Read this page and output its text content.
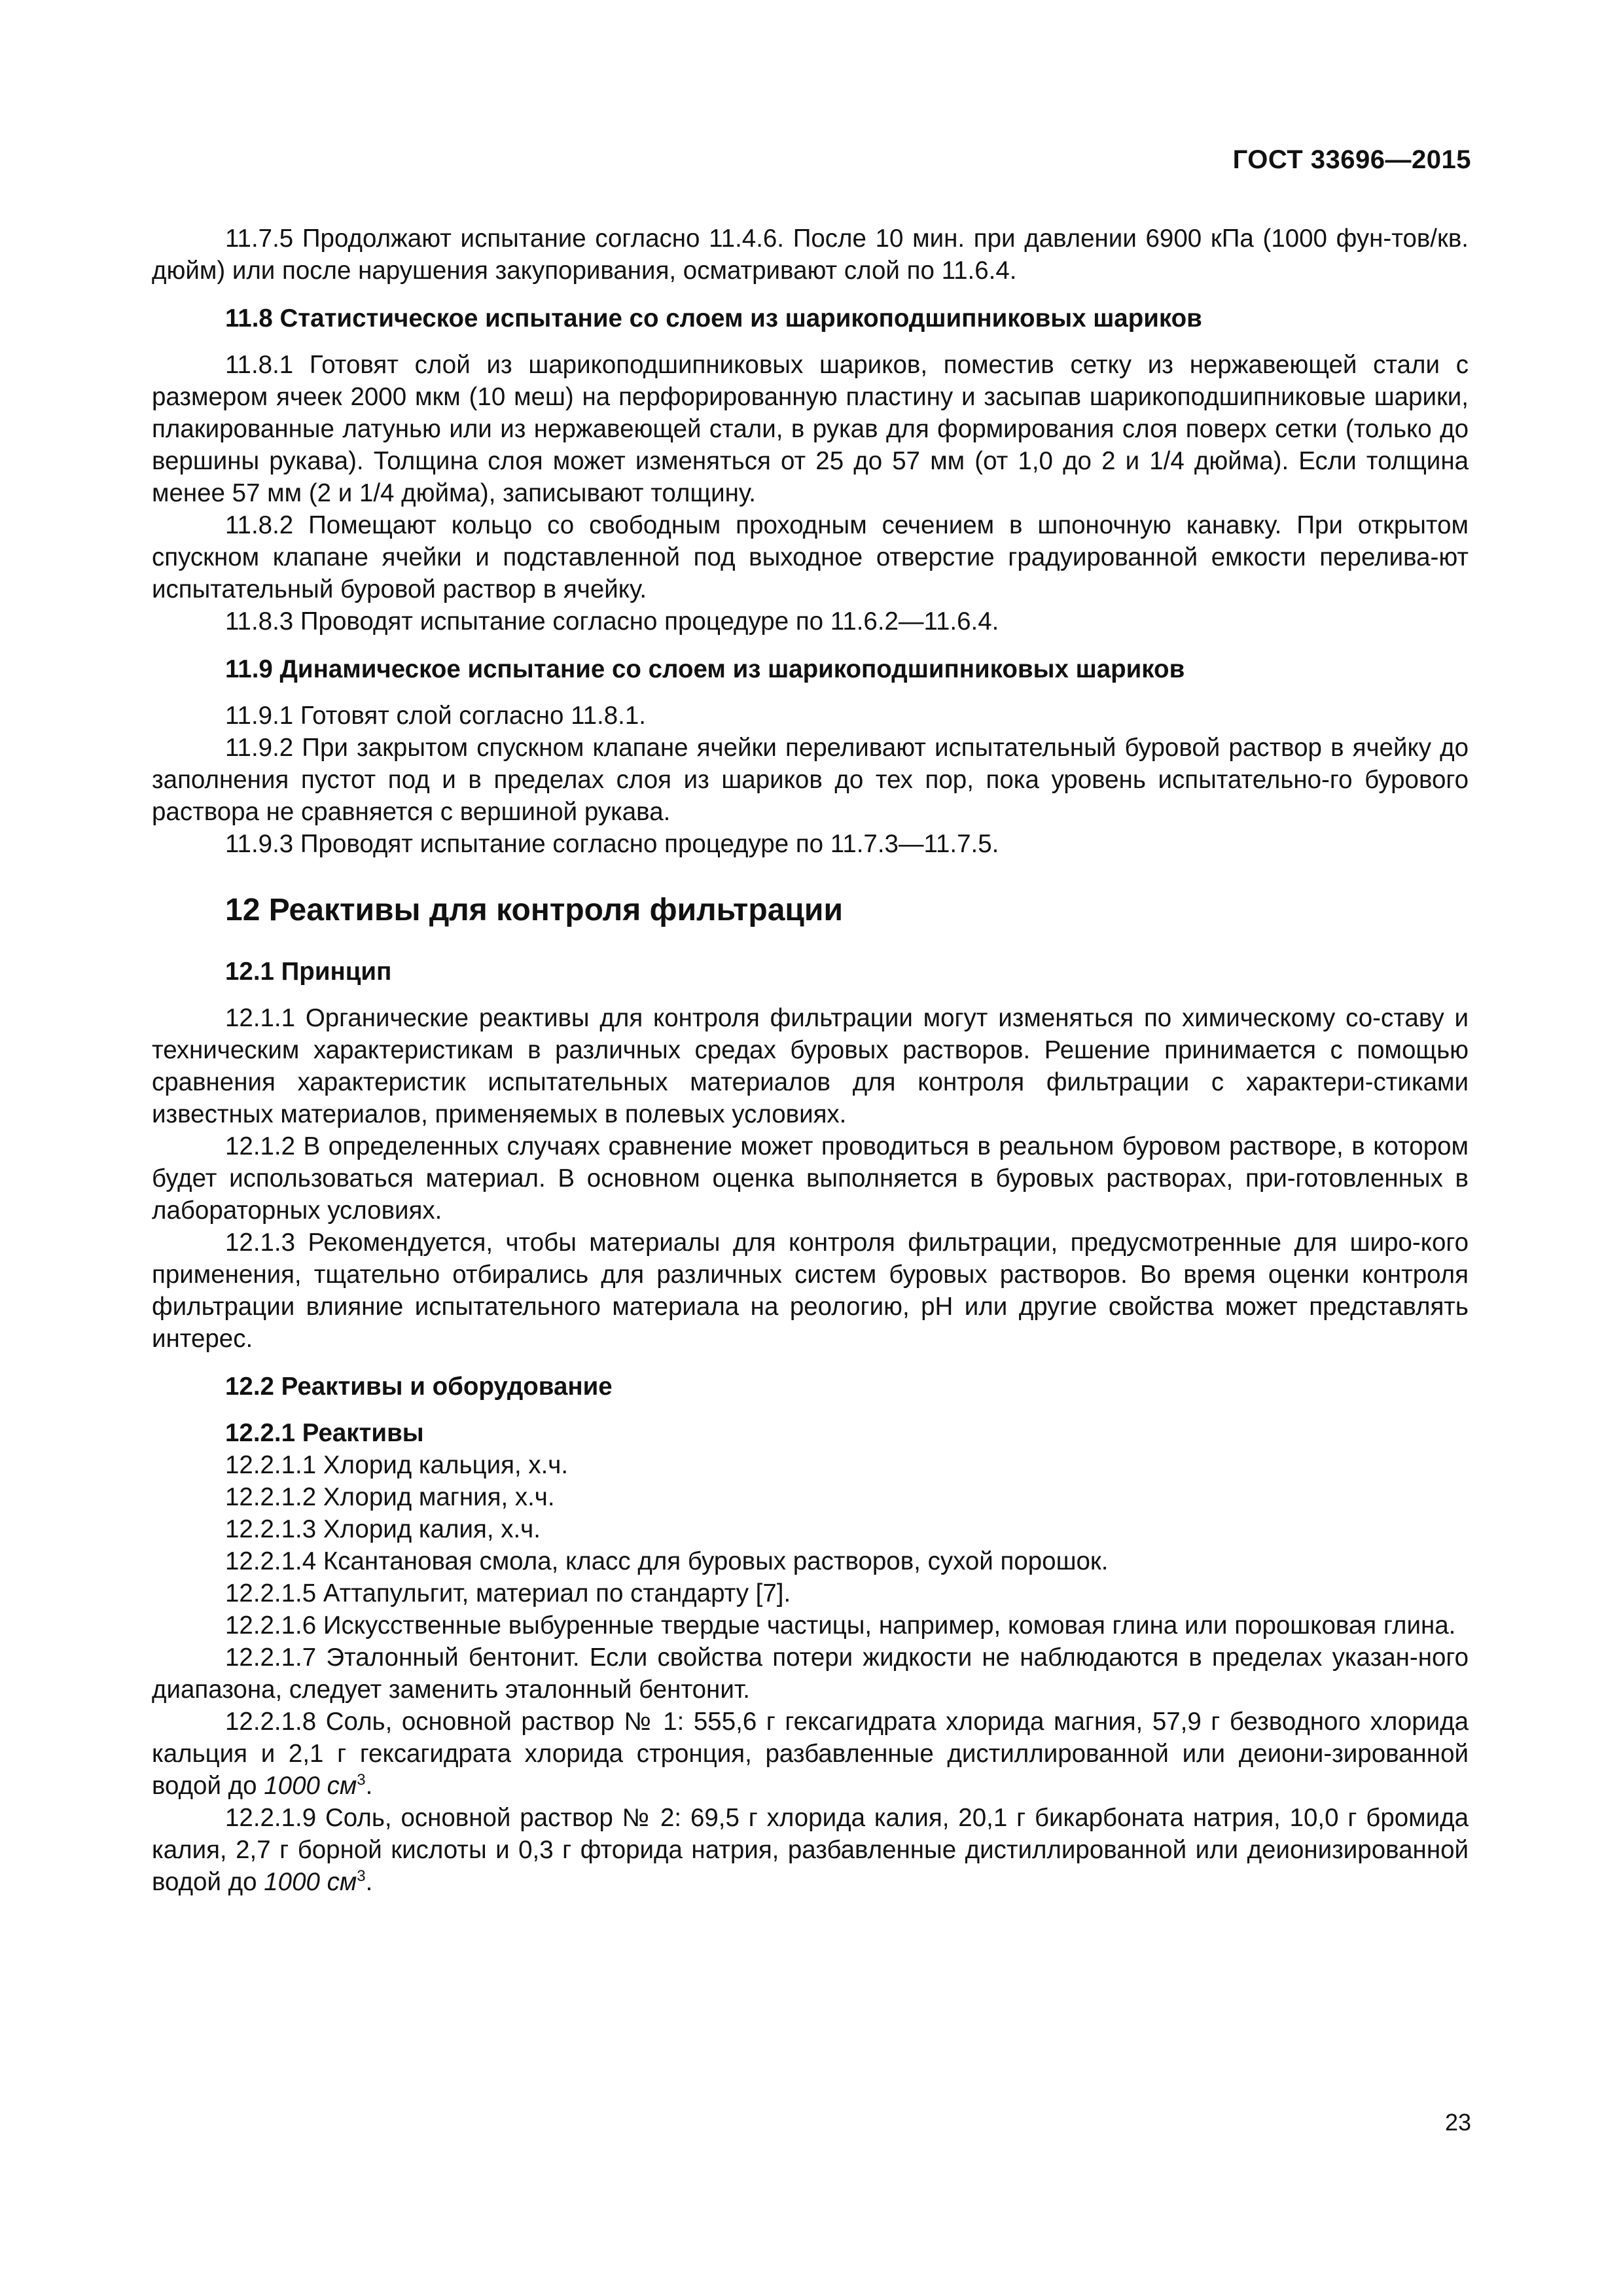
ГОСТ 33696—2015

11.7.5 Продолжают испытание согласно 11.4.6. После 10 мин. при давлении 6900 кПа (1000 фун-тов/кв. дюйм) или после нарушения закупоривания, осматривают слой по 11.6.4.

11.8 Статистическое испытание со слоем из шарикоподшипниковых шариков

11.8.1 Готовят слой из шарикоподшипниковых шариков, поместив сетку из нержавеющей стали с размером ячеек 2000 мкм (10 меш) на перфорированную пластину и засыпав шарикоподшипниковые шарики, плакированные латунью или из нержавеющей стали, в рукав для формирования слоя поверх сетки (только до вершины рукава). Толщина слоя может изменяться от 25 до 57 мм (от 1,0 до 2 и 1/4 дюйма). Если толщина менее 57 мм (2 и 1/4 дюйма), записывают толщину.

11.8.2 Помещают кольцо со свободным проходным сечением в шпоночную канавку. При открытом спускном клапане ячейки и подставленной под выходное отверстие градуированной емкости перелива-ют испытательный буровой раствор в ячейку.

11.8.3 Проводят испытание согласно процедуре по 11.6.2—11.6.4.

11.9 Динамическое испытание со слоем из шарикоподшипниковых шариков

11.9.1 Готовят слой согласно 11.8.1.

11.9.2 При закрытом спускном клапане ячейки переливают испытательный буровой раствор в ячейку до заполнения пустот под и в пределах слоя из шариков до тех пор, пока уровень испытательно-го бурового раствора не сравняется с вершиной рукава.

11.9.3 Проводят испытание согласно процедуре по 11.7.3—11.7.5.

12 Реактивы для контроля фильтрации

12.1 Принцип

12.1.1 Органические реактивы для контроля фильтрации могут изменяться по химическому со-ставу и техническим характеристикам в различных средах буровых растворов. Решение принимается с помощью сравнения характеристик испытательных материалов для контроля фильтрации с характери-стиками известных материалов, применяемых в полевых условиях.

12.1.2 В определенных случаях сравнение может проводиться в реальном буровом растворе, в котором будет использоваться материал. В основном оценка выполняется в буровых растворах, при-готовленных в лабораторных условиях.

12.1.3 Рекомендуется, чтобы материалы для контроля фильтрации, предусмотренные для широ-кого применения, тщательно отбирались для различных систем буровых растворов. Во время оценки контроля фильтрации влияние испытательного материала на реологию, pH или другие свойства может представлять интерес.

12.2 Реактивы и оборудование

12.2.1 Реактивы

12.2.1.1 Хлорид кальция, х.ч.

12.2.1.2 Хлорид магния, х.ч.

12.2.1.3 Хлорид калия, х.ч.

12.2.1.4 Ксантановая смола, класс для буровых растворов, сухой порошок.

12.2.1.5 Аттапульгит, материал по стандарту [7].

12.2.1.6 Искусственные выбуренные твердые частицы, например, комовая глина или порошковая глина.

12.2.1.7 Эталонный бентонит. Если свойства потери жидкости не наблюдаются в пределах указан-ного диапазона, следует заменить эталонный бентонит.

12.2.1.8 Соль, основной раствор № 1: 555,6 г гексагидрата хлорида магния, 57,9 г безводного хлорида кальция и 2,1 г гексагидрата хлорида стронция, разбавленные дистиллированной или деиони-зированной водой до 1000 $см^3$.

12.2.1.9 Соль, основной раствор № 2: 69,5 г хлорида калия, 20,1 г бикарбоната натрия, 10,0 г бромида калия, 2,7 г борной кислоты и 0,3 г фторида натрия, разбавленные дистиллированной или деионизированной водой до 1000 $см^3$.

23
